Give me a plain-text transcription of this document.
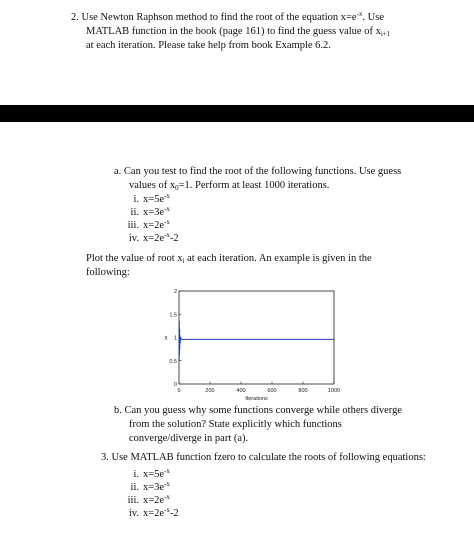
2. Use Newton Raphson method to find the root of the equation $x=e^{-x}$. Use
MATLAB function in the book (page 161) to find the guess value of $x_{i+1}$
at each iteration. Please take help from book Example 6.2.
a. Can you test to find the root of the following functions. Use guess
values of $x_0=1$. Perform at least 1000 iterations.
i. $x=5e^{-x}$
ii. $x=3e^{-x}$
iii. $x=2e^{-x}$
iv. $x=2e^{-x}-2$
Plot the value of root $x_i$ at each iteration. An example is given in the
following:
0	200	400	600	800	1000
0
0.5
1
1.5
2
Iterations
x
b. Can you guess why some functions converge while others diverge
from the solution? State explicitly which functions
converge/diverge in part (a).
3. Use MATLAB function fzero to calculate the roots of following equations:
i. $x=5e^{-x}$
ii. $x=3e^{-x}$
iii. $x=2e^{-x}$
iv. $x=2e^{-x}-2$
